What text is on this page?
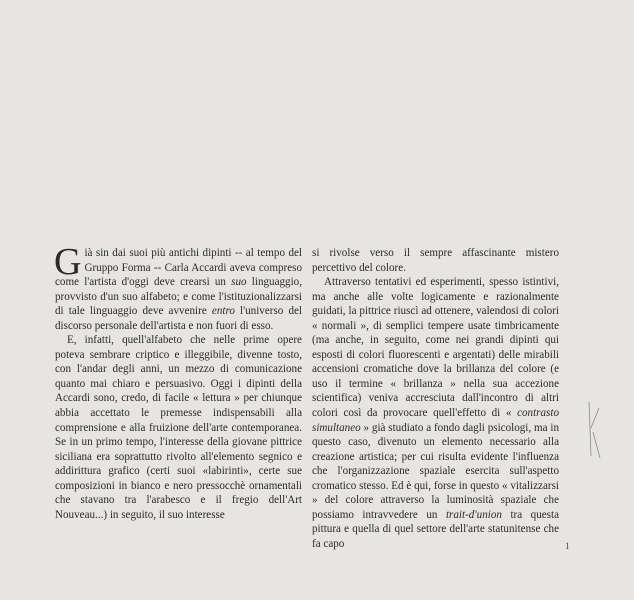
Già sin dai suoi più antichi dipinti -- al tempo del Gruppo Forma -- Carla Accardi aveva compreso come l'artista d'oggi deve crearsi un suo linguaggio, provvisto d'un suo alfabeto; e come l'istituzionalizzarsi di tale linguaggio deve avvenire entro l'universo del discorso personale dell'artista e non fuori di esso.

E, infatti, quell'alfabeto che nelle prime opere poteva sembrare criptico e illeggibile, divenne tosto, con l'andar degli anni, un mezzo di comunicazione quanto mai chiaro e persuasivo. Oggi i dipinti della Accardi sono, credo, di facile « lettura » per chiunque abbia accettato le premesse indispensabili alla comprensione e alla fruizione dell'arte contemporanea. Se in un primo tempo, l'interesse della giovane pittrice siciliana era soprattutto rivolto all'elemento segnico e addirittura grafico (certi suoi «labirinti», certe sue composizioni in bianco e nero pressocchè ornamentali che stavano tra l'arabesco e il fregio dell'Art Nouveau...) in seguito, il suo interesse

si rivolse verso il sempre affascinante mistero percettivo del colore.

Attraverso tentativi ed esperimenti, spesso istintivi, ma anche alle volte logicamente e razionalmente guidati, la pittrice riuscì ad ottenere, valendosi di colori « normali », di semplici tempere usate timbricamente (ma anche, in seguito, come nei grandi dipinti qui esposti di colori fluorescenti e argentati) delle mirabili accensioni cromatiche dove la brillanza del colore (e uso il termine « brillanza » nella sua accezione scientifica) veniva accresciuta dall'incontro di altri colori così da provocare quell'effetto di « contrasto simultaneo » già studiato a fondo dagli psicologi, ma in questo caso, divenuto un elemento necessario alla creazione artistica; per cui risulta evidente l'influenza che l'organizzazione spaziale esercita sull'aspetto cromatico stesso. Ed è qui, forse in questo « vitalizzarsi » del colore attraverso la luminosità spaziale che possiamo intravvedere un trait-d'union tra questa pittura e quella di quel settore dell'arte statunitense che fa capo	1
